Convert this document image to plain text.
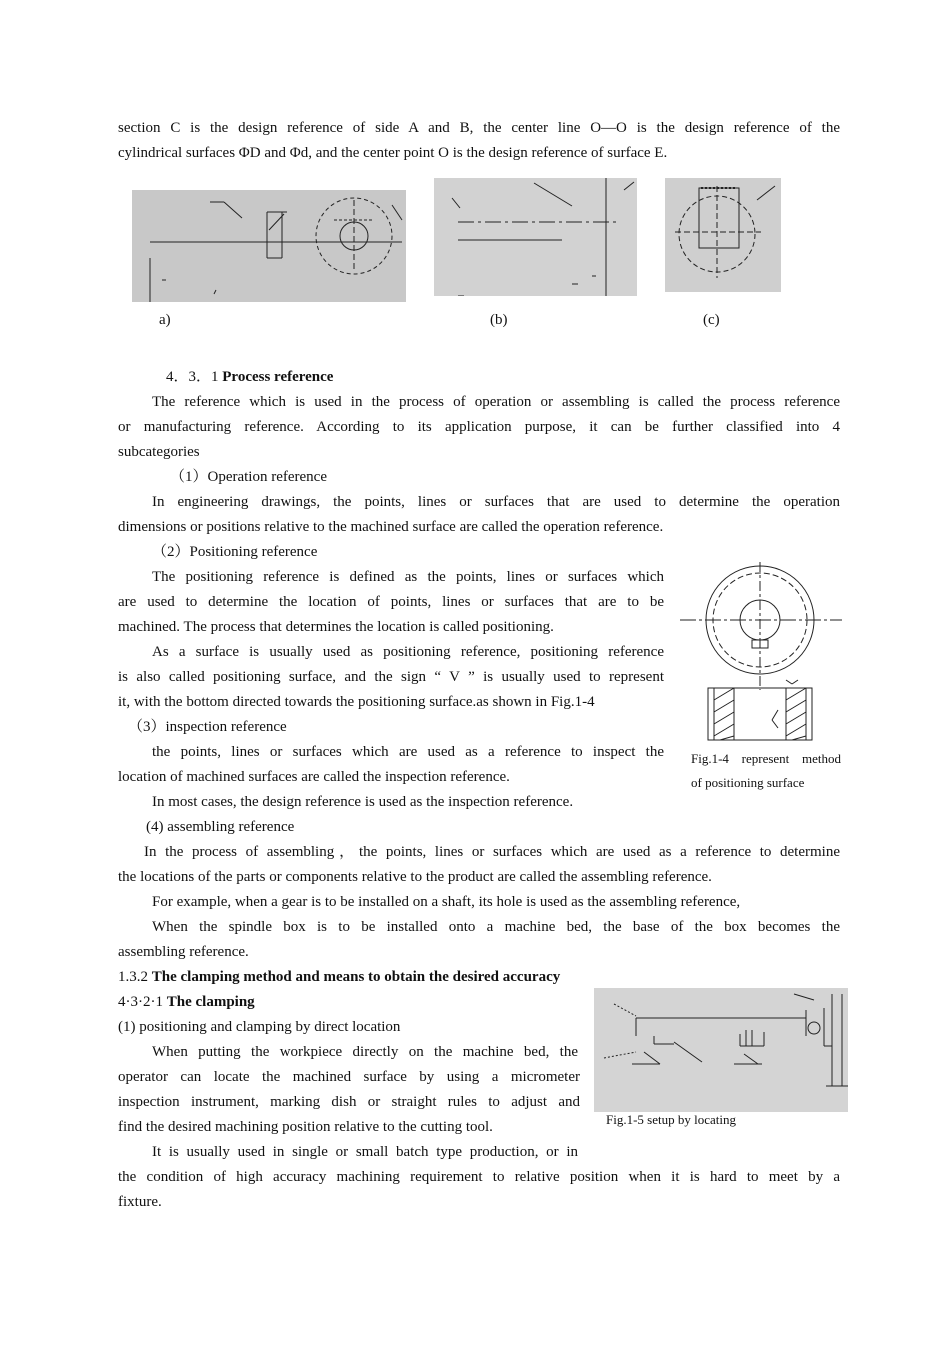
section C is the design reference of side A and B, the center line O—O is the design reference of the
cylindrical surfaces ΦD and Φd, and the center point O is the design reference of surface E.
a)	(b)	(c)
4．3．1 Process reference
The reference which is used in the process of operation or assembling is called the process reference
or manufacturing reference. According to its application purpose, it can be further classified into 4
subcategories
（1）Operation reference
In engineering drawings, the points, lines or surfaces that are used to determine the operation
dimensions or positions relative to the machined surface are called the operation reference.
（2）Positioning reference
The positioning reference is defined as the points, lines or surfaces which
are used to determine the location of points, lines or surfaces that are to be
machined. The process that determines the location is called positioning.
As a surface is usually used as positioning reference, positioning reference
is also called positioning surface, and the sign “ V ” is usually used to represent
it, with the bottom directed towards the positioning surface.as shown in Fig.1-4
（3）inspection reference
the points, lines or surfaces which are used as a reference to inspect the
location of machined surfaces are called the inspection reference.
In most cases, the design reference is used as the inspection reference.
Fig.1-4 represent method
of positioning surface
(4) assembling reference
In the process of assembling，the points, lines or surfaces which are used as a reference to determine
the locations of the parts or components relative to the product are called the assembling reference.
For example, when a gear is to be installed on a shaft, its hole is used as the assembling reference,
When the spindle box is to be installed onto a machine bed, the base of the box becomes the
assembling reference.
1.3.2 The clamping method and means to obtain the desired accuracy
4·3·2·1 The clamping
(1) positioning and clamping by direct location
When putting the workpiece directly on the machine bed, the
operator can locate the machined surface by using a micrometer
inspection instrument, marking dish or straight rules to adjust and
find the desired machining position relative to the cutting tool.
It is usually used in single or small batch type production, or in
the condition of high accuracy machining requirement to relative position when it is hard to meet by a
fixture.
Fig.1-5 setup by locating
